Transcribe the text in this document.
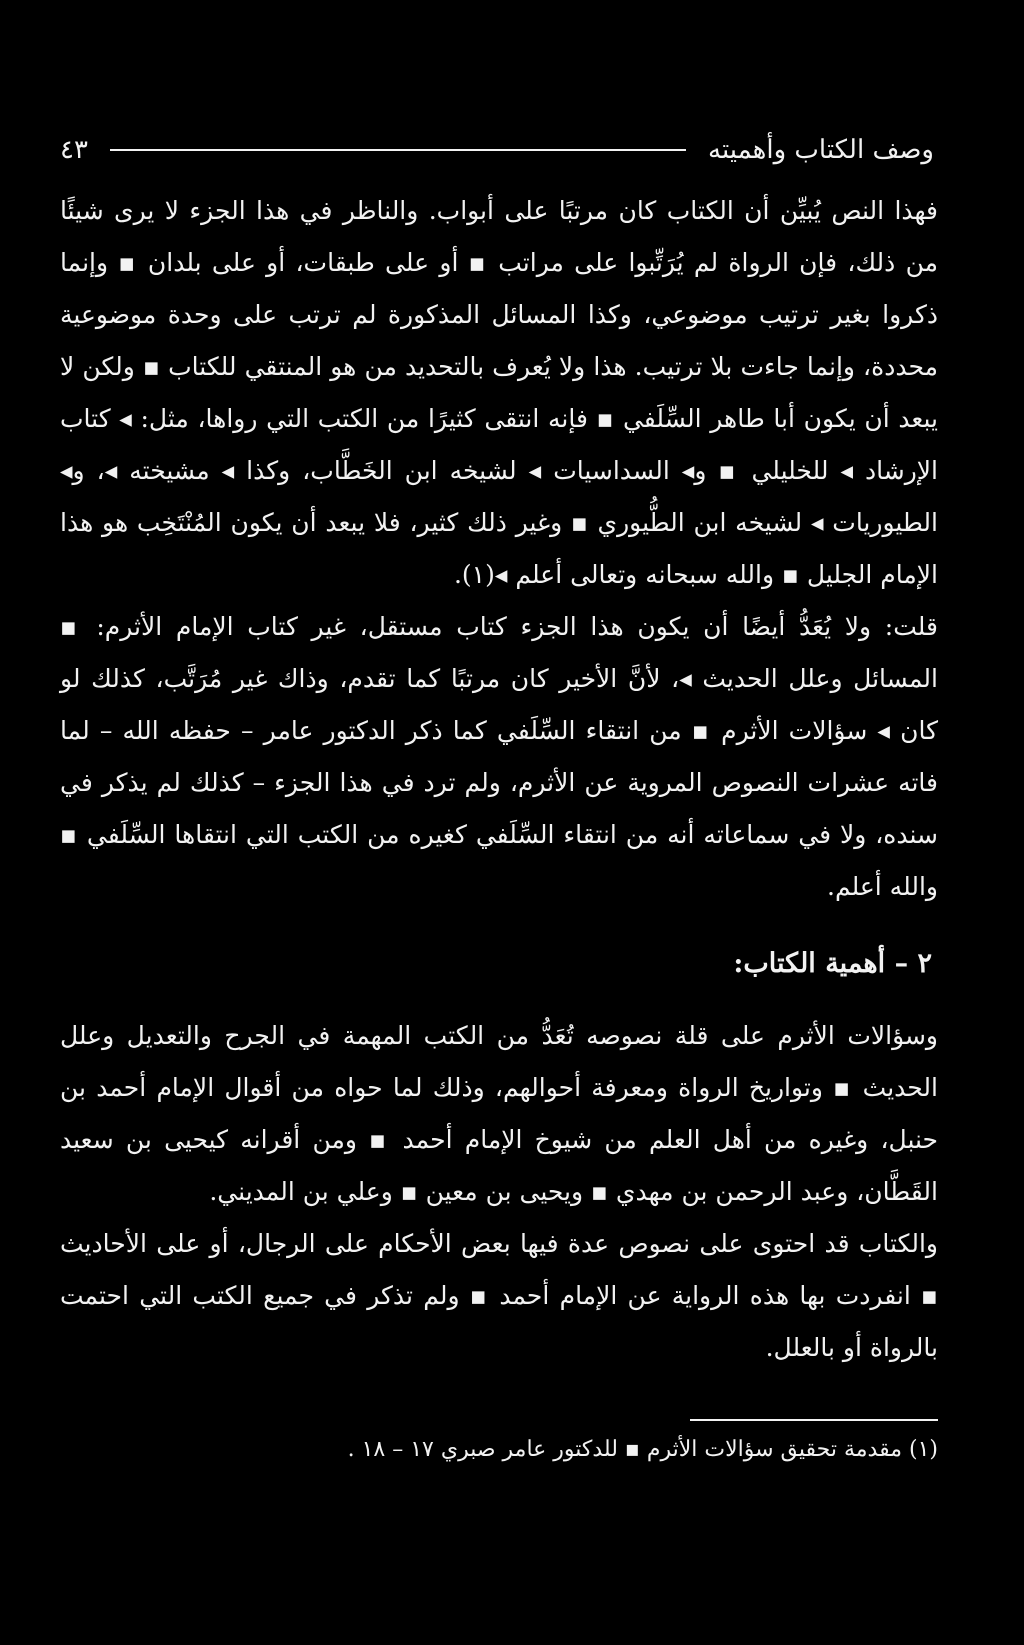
وصف الكتاب وأهميته
٤٣

فهذا النص يُبيِّن أن الكتاب كان مرتبًا على أبواب. والناظر في هذا الجزء لا يرى شيئًا من ذلك، فإن الرواة لم يُرَتِّبوا على مراتب ▪ أو على طبقات، أو على بلدان ▪ وإنما ذكروا بغير ترتيب موضوعي، وكذا المسائل المذكورة لم ترتب على وحدة موضوعية محددة، وإنما جاءت بلا ترتيب. هذا ولا يُعرف بالتحديد من هو المنتقي للكتاب ▪ ولكن لا يبعد أن يكون أبا طاهر السِّلَفي ▪ فإنه انتقى كثيرًا من الكتب التي رواها، مثل: ◂ كتاب الإرشاد ◂ للخليلي ▪ و◂ السداسيات ◂ لشيخه ابن الخَطَّاب، وكذا ◂ مشيخته ◂، و◂ الطيوريات ◂ لشيخه ابن الطُّيوري ▪ وغير ذلك كثير، فلا يبعد أن يكون المُنْتَخِب هو هذا الإمام الجليل ▪ والله سبحانه وتعالى أعلم ◂(١).

قلت: ولا يُعَدُّ أيضًا أن يكون هذا الجزء كتاب مستقل، غير كتاب الإمام الأثرم: ▪ المسائل وعلل الحديث ◂، لأنَّ الأخير كان مرتبًا كما تقدم، وذاك غير مُرَتَّب، كذلك لو كان ◂ سؤالات الأثرم ▪ من انتقاء السِّلَفي كما ذكر الدكتور عامر – حفظه الله – لما فاته عشرات النصوص المروية عن الأثرم، ولم ترد في هذا الجزء – كذلك لم يذكر في سنده، ولا في سماعاته أنه من انتقاء السِّلَفي كغيره من الكتب التي انتقاها السِّلَفي ▪ والله أعلم.

٢ – أهمية الكتاب:

وسؤالات الأثرم على قلة نصوصه تُعَدُّ من الكتب المهمة في الجرح والتعديل وعلل الحديث ▪ وتواريخ الرواة ومعرفة أحوالهم، وذلك لما حواه من أقوال الإمام أحمد بن حنبل، وغيره من أهل العلم من شيوخ الإمام أحمد ▪ ومن أقرانه كيحيى بن سعيد القَطَّان، وعبد الرحمن بن مهدي ▪ ويحيى بن معين ▪ وعلي بن المديني.

والكتاب قد احتوى على نصوص عدة فيها بعض الأحكام على الرجال، أو على الأحاديث ▪ انفردت بها هذه الرواية عن الإمام أحمد ▪ ولم تذكر في جميع الكتب التي احتمت بالرواة أو بالعلل.

(١) مقدمة تحقيق سؤالات الأثرم ▪ للدكتور عامر صبري ١٧ – ١٨ .
